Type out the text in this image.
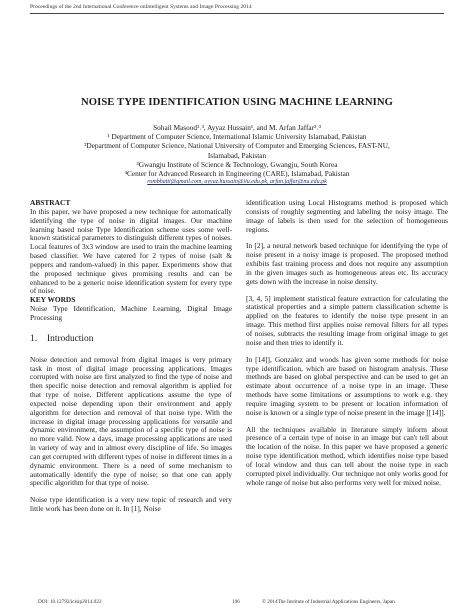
Proceedings of the 2nd International Conference onIntelligent Systems and Image Processing 2014
NOISE TYPE IDENTIFICATION USING MACHINE LEARNING
Sohail Masood¹˒³, Ayyaz Hussain¹, and M. Arfan Jaffar²˒³
¹ Department of Computer Science, International Islamic University Islamabad, Pakistan
²Department of Computer Science, National University of Computer and Emerging Sciences, FAST-NU,
Islamabad, Pakistan
³Gwangju Institute of Science & Technology, Gwangju, South Korea
⁴Center for Advanced Research in Engineering (CARE), Islamabad, Pakistan
rombhatti@gmail.com, ayyaz.hussain@iiu.edu.pk, arfan.jaffar@nu.edu.pk

ABSTRACT

In this paper, we have proposed a new technique for automatically identifying the type of noise in digital images. Our machine learning based noise Type Identification scheme uses some well-known statistical parameters to distinguish different types of noises. Local features of 3x3 window are used to train the machine learning based classifier. We have catered for 2 types of noise (salt & peppers and random-valued) in this paper. Experiments show that the proposed technique gives promising results and can be enhanced to be a generic noise identification system for every type of noise.

KEY WORDS

Noise Type Identification, Machine Learning, Digital Image Processing

1. Introduction

Noise detection and removal from digital images is very primary task in most of digital image processing applications. Images corrupted with noise are first analyzed to find the type of noise and then specific noise detection and removal algorithm is applied for that type of noise. Different applications assume the type of expected noise depending upon their environment and apply algorithm for detection and removal of that noise type. With the increase in digital image processing applications for versatile and dynamic environment, the assumption of a specific type of noise is no more valid. Now a days, image processing applications are used in variety of way and in almost every discipline of life. So images can get corrupted with different types of noise in different times in a dynamic environment. There is a need of some mechanism to automatically identify the type of noise; so that one can apply specific algorithm for that type of noise.

Noise type identification is a very new topic of research and very little work has been done on it. In [1], Noise

identification using Local Histograms method is proposed which consists of roughly segmenting and labeling the noisy image. The image of labels is then used for the selection of homogeneous regions.

In [2], a neural network based technique for identifying the type of noise present in a noisy image is proposed. The proposed method exhibits fast training process and does not require any assumption in the given images such as homogeneous areas etc. Its accuracy gets down with the increase in noise density.

[3, 4, 5] implement statistical feature extraction for calculating the statistical properties and a simple pattern classification scheme is applied on the features to identify the noise type present in an image. This method first applies noise removal filters for all types of noises, subtracts the resulting image from original image to get noise and then tries to identify it.

In [14]], Gonzalez and woods has given some methods for noise type identification, which are based on histogram analysis. These methods are based on global perspective and can be used to get an estimate about occurrence of a noise type in an image. These methods have some limitations or assumptions to work e.g. they require imaging system to be present or location information of noise is known or a single type of noise present in the image [[14]].

All the techniques available in literature simply inform about presence of a certain type of noise in an image but can't tell about the location of the noise. In this paper we have proposed a generic noise type identification method, which identifies noise type based of local window and thus can tell about the noise type in each corrupted pixel individually. Our technique not only works good for whole range of noise but also performs very well for mixed noise.

DOI: 10.12792/icisip2014.022	106	© 2014The Institute of Industrial Applications Engineers, Japan.
